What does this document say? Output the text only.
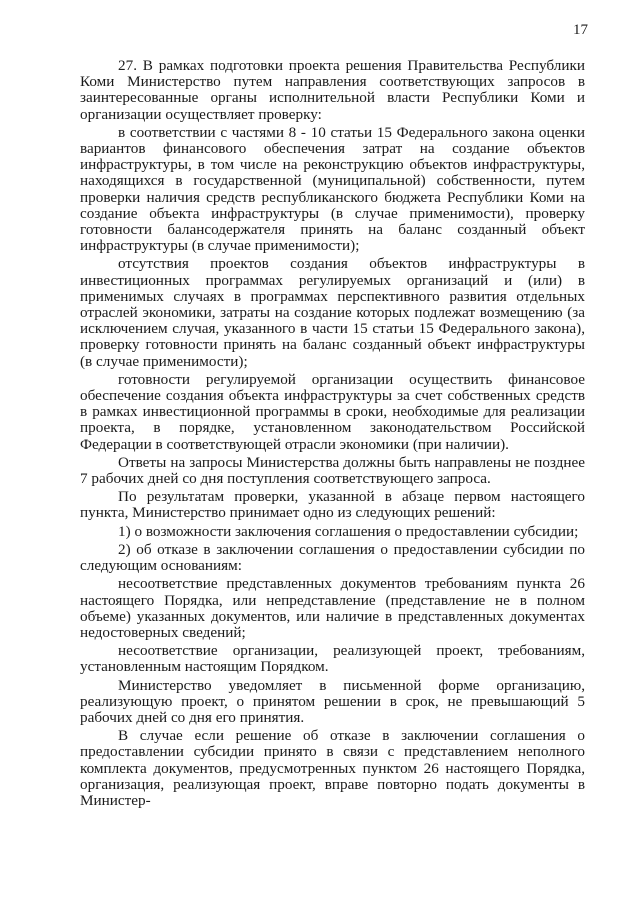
17

27. В рамках подготовки проекта решения Правительства Республики Коми Министерство путем направления соответствующих запросов в заинтересованные органы исполнительной власти Республики Коми и организации осуществляет проверку:

в соответствии с частями 8 - 10 статьи 15 Федерального закона оценки вариантов финансового обеспечения затрат на создание объектов инфраструктуры, в том числе на реконструкцию объектов инфраструктуры, находящихся в государственной (муниципальной) собственности, путем проверки наличия средств республиканского бюджета Республики Коми на создание объекта инфраструктуры (в случае применимости), проверку готовности балансодержателя принять на баланс созданный объект инфраструктуры (в случае применимости);

отсутствия проектов создания объектов инфраструктуры в инвестиционных программах регулируемых организаций и (или) в применимых случаях в программах перспективного развития отдельных отраслей экономики, затраты на создание которых подлежат возмещению (за исключением случая, указанного в части 15 статьи 15 Федерального закона), проверку готовности принять на баланс созданный объект инфраструктуры (в случае применимости);

готовности регулируемой организации осуществить финансовое обеспечение создания объекта инфраструктуры за счет собственных средств в рамках инвестиционной программы в сроки, необходимые для реализации проекта, в порядке, установленном законодательством Российской Федерации в соответствующей отрасли экономики (при наличии).

Ответы на запросы Министерства должны быть направлены не позднее 7 рабочих дней со дня поступления соответствующего запроса.

По результатам проверки, указанной в абзаце первом настоящего пункта, Министерство принимает одно из следующих решений:

1) о возможности заключения соглашения о предоставлении субсидии;

2) об отказе в заключении соглашения о предоставлении субсидии по следующим основаниям:

несоответствие представленных документов требованиям пункта 26 настоящего Порядка, или непредставление (представление не в полном объеме) указанных документов, или наличие в представленных документах недостоверных сведений;

несоответствие организации, реализующей проект, требованиям, установленным настоящим Порядком.

Министерство уведомляет в письменной форме организацию, реализующую проект, о принятом решении в срок, не превышающий 5 рабочих дней со дня его принятия.

В случае если решение об отказе в заключении соглашения о предоставлении субсидии принято в связи с представлением неполного комплекта документов, предусмотренных пунктом 26 настоящего Порядка, организация, реализующая проект, вправе повторно подать документы в Министер-
